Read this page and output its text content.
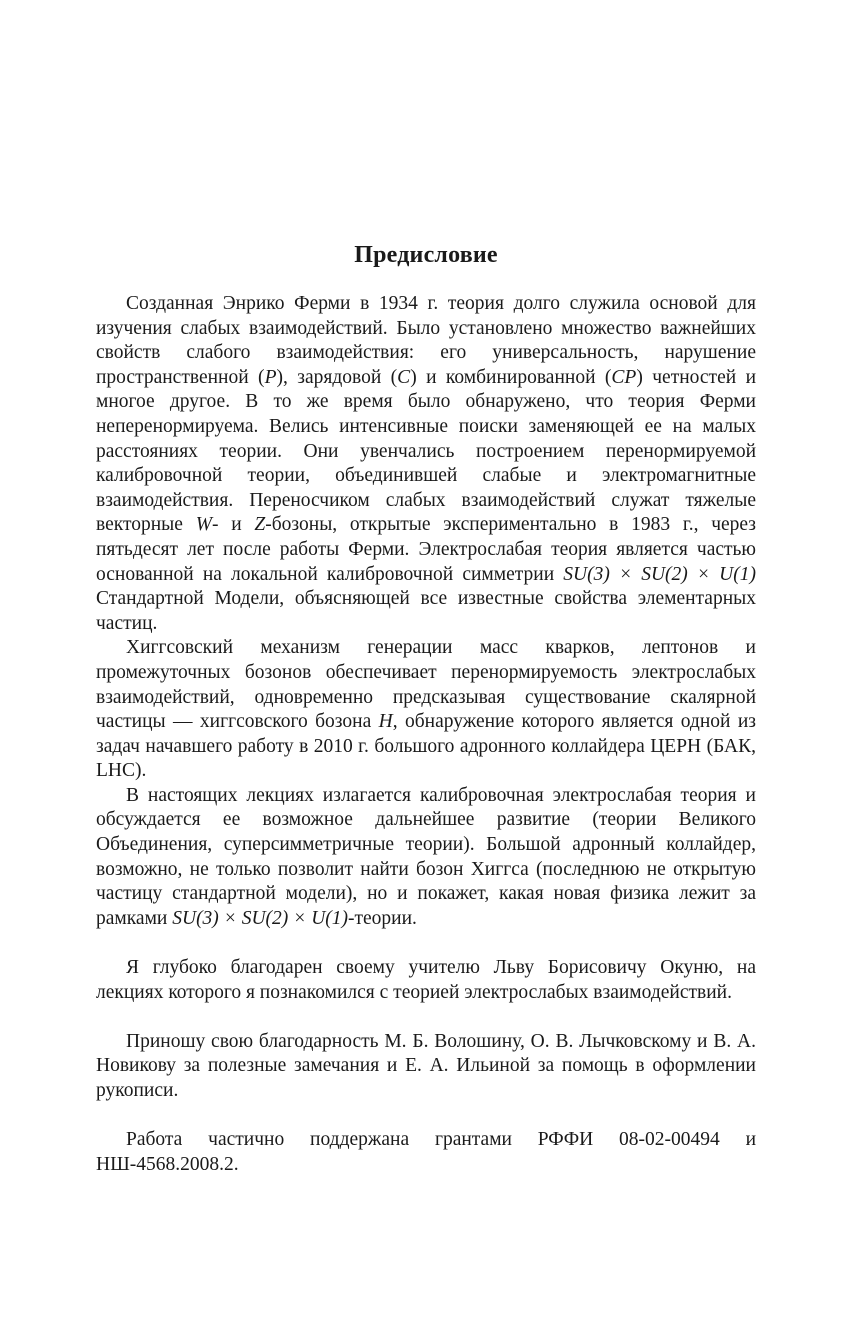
Предисловие

Созданная Энрико Ферми в 1934 г. теория долго служила основой для изучения слабых взаимодействий. Было установлено множество важнейших свойств слабого взаимодействия: его универсальность, нарушение пространственной (P), зарядовой (C) и комбинированной (CP) четностей и многое другое. В то же время было обнаружено, что теория Ферми неперенормируема. Велись интенсивные поиски заменяющей ее на малых расстояниях теории. Они увенчались построением перенормируемой калибровочной теории, объединившей слабые и электромагнитные взаимодействия. Переносчиком слабых взаимодействий служат тяжелые векторные W- и Z-бозоны, открытые экспериментально в 1983 г., через пятьдесят лет после работы Ферми. Электрослабая теория является частью основанной на локальной калибровочной симметрии SU(3) × SU(2) × U(1) Стандартной Модели, объясняющей все известные свойства элементарных частиц.

Хиггсовский механизм генерации масс кварков, лептонов и промежуточных бозонов обеспечивает перенормируемость электрослабых взаимодействий, одновременно предсказывая существование скалярной частицы — хиггсовского бозона H, обнаружение которого является одной из задач начавшего работу в 2010 г. большого адронного коллайдера ЦЕРН (БАК, LHC).

В настоящих лекциях излагается калибровочная электрослабая теория и обсуждается ее возможное дальнейшее развитие (теории Великого Объединения, суперсимметричные теории). Большой адронный коллайдер, возможно, не только позволит найти бозон Хиггса (последнюю не открытую частицу стандартной модели), но и покажет, какая новая физика лежит за рамками SU(3) × SU(2) × U(1)-теории.

Я глубоко благодарен своему учителю Льву Борисовичу Окуню, на лекциях которого я познакомился с теорией электрослабых взаимодействий.

Приношу свою благодарность М. Б. Волошину, О. В. Лычковскому и В. А. Новикову за полезные замечания и Е. А. Ильиной за помощь в оформлении рукописи.

Работа частично поддержана грантами РФФИ 08-02-00494 и НШ-4568.2008.2.
